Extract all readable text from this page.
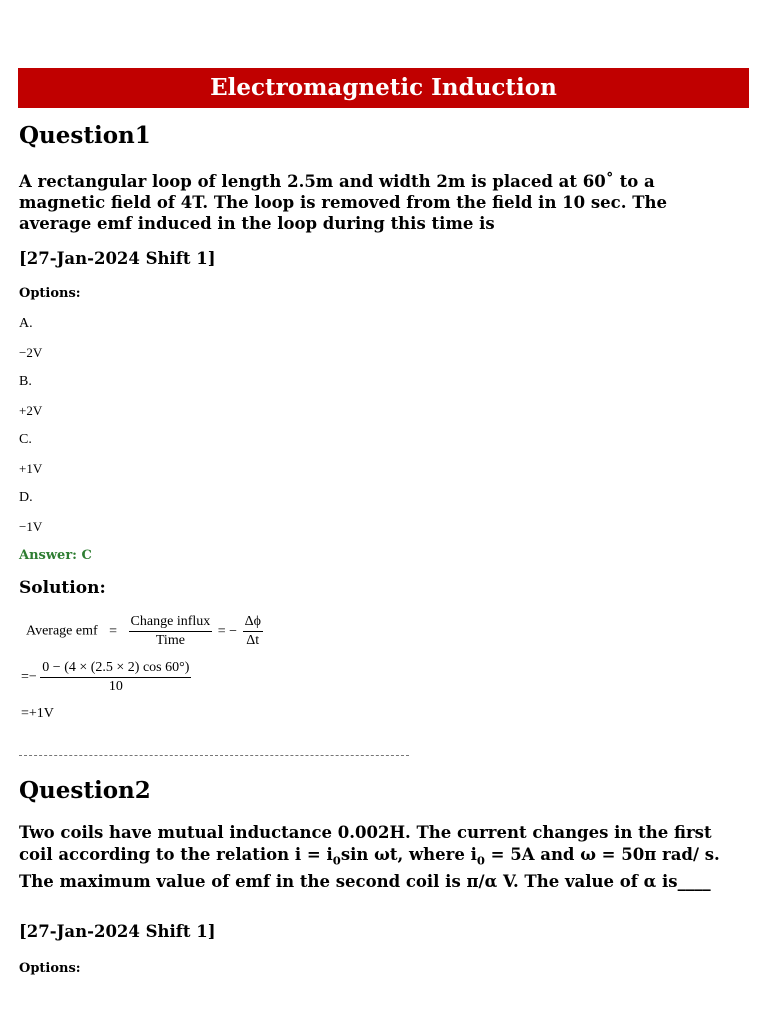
Electromagnetic Induction
Question1
A rectangular loop of length 2.5m and width 2m is placed at 60˚ to a magnetic field of 4T. The loop is removed from the field in 10 sec. The average emf induced in the loop during this time is
[27-Jan-2024 Shift 1]
Options:
A.
−2V
B.
+2V
C.
+1V
D.
−1V
Answer: C
Solution:
Average emf = $\frac{\text{Change influx}}{\text{Time}}$ = − $\frac{\Delta\phi}{\Delta t}$
=− $\frac{0 - (4 \times (2.5 \times 2) \cos 60^\circ)}{10}$
=+1V
Question2
Two coils have mutual inductance 0.002H. The current changes in the first coil according to the relation $i = i_0\sin$ ωt, where $i_0 = 5A$ and ω = 50π rad/ s. The maximum value of emf in the second coil is π/α V. The value of α is____
[27-Jan-2024 Shift 1]
Options:
